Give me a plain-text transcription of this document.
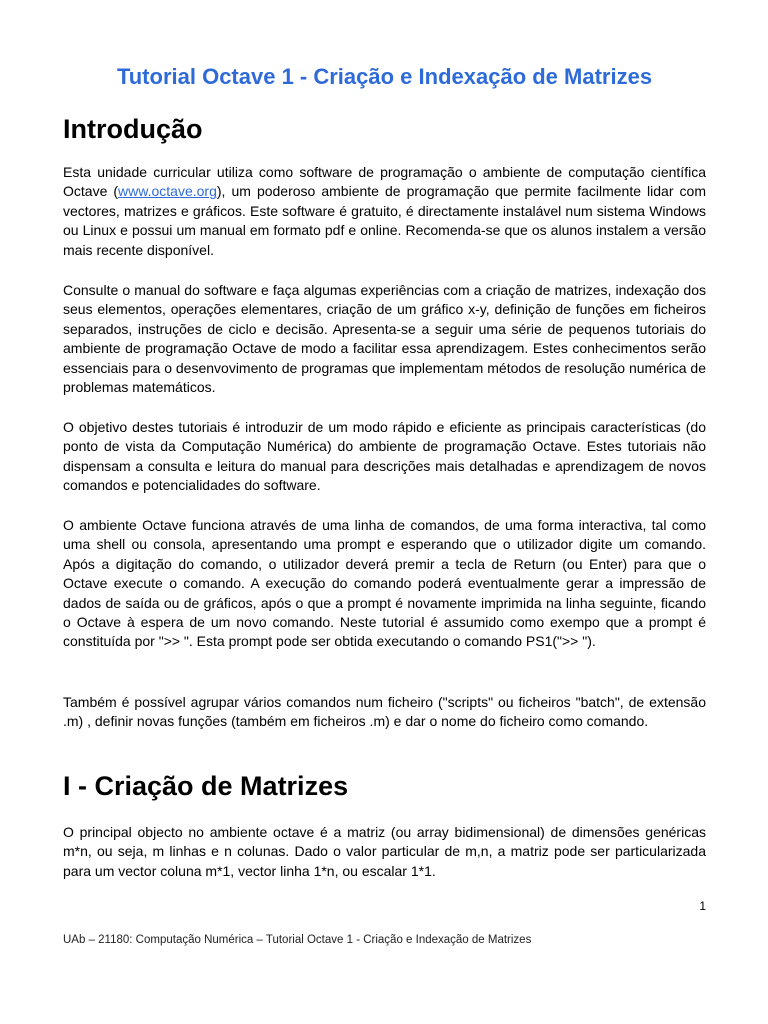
Tutorial Octave 1 - Criação e Indexação de Matrizes
Introdução

Esta unidade curricular utiliza como software de programação o ambiente de computação científica Octave (www.octave.org), um poderoso ambiente de programação que permite facilmente lidar com vectores, matrizes e gráficos. Este software é gratuito, é directamente instalável num sistema Windows ou Linux e possui um manual em formato pdf e online. Recomenda-se que os alunos instalem a versão mais recente disponível.

Consulte o manual do software e faça algumas experiências com a criação de matrizes, indexação dos seus elementos, operações elementares, criação de um gráfico x-y, definição de funções em ficheiros separados, instruções de ciclo e decisão. Apresenta-se a seguir uma série de pequenos tutoriais do ambiente de programação Octave de modo a facilitar essa aprendizagem. Estes conhecimentos serão essenciais para o desenvovimento de programas que implementam métodos de resolução numérica de problemas matemáticos.

O objetivo destes tutoriais é introduzir de um modo rápido e eficiente as principais características (do ponto de vista da Computação Numérica) do ambiente de programação Octave. Estes tutoriais não dispensam a consulta e leitura do manual para descrições mais detalhadas e aprendizagem de novos comandos e potencialidades do software.

O ambiente Octave funciona através de uma linha de comandos, de uma forma interactiva, tal como uma shell ou consola, apresentando uma prompt e esperando que o utilizador digite um comando. Após a digitação do comando, o utilizador deverá premir a tecla de Return (ou Enter) para que o Octave execute o comando. A execução do comando poderá eventualmente gerar a impressão de dados de saída ou de gráficos, após o que a prompt é novamente imprimida na linha seguinte, ficando o Octave à espera de um novo comando. Neste tutorial é assumido como exempo que a prompt é constituída por ">> ". Esta prompt pode ser obtida executando o comando PS1(">> ").

Também é possível agrupar vários comandos num ficheiro ("scripts" ou ficheiros "batch", de extensão .m) , definir novas funções (também em ficheiros .m) e dar o nome do ficheiro como comando.

I - Criação de Matrizes

O principal objecto no ambiente octave é a matriz (ou array bidimensional) de dimensões genéricas m*n, ou seja, m linhas e n colunas. Dado o valor particular de m,n, a matriz pode ser particularizada para um vector coluna m*1, vector linha 1*n, ou escalar 1*1.

1
UAb – 21180: Computação Numérica – Tutorial Octave 1 - Criação e Indexação de Matrizes
